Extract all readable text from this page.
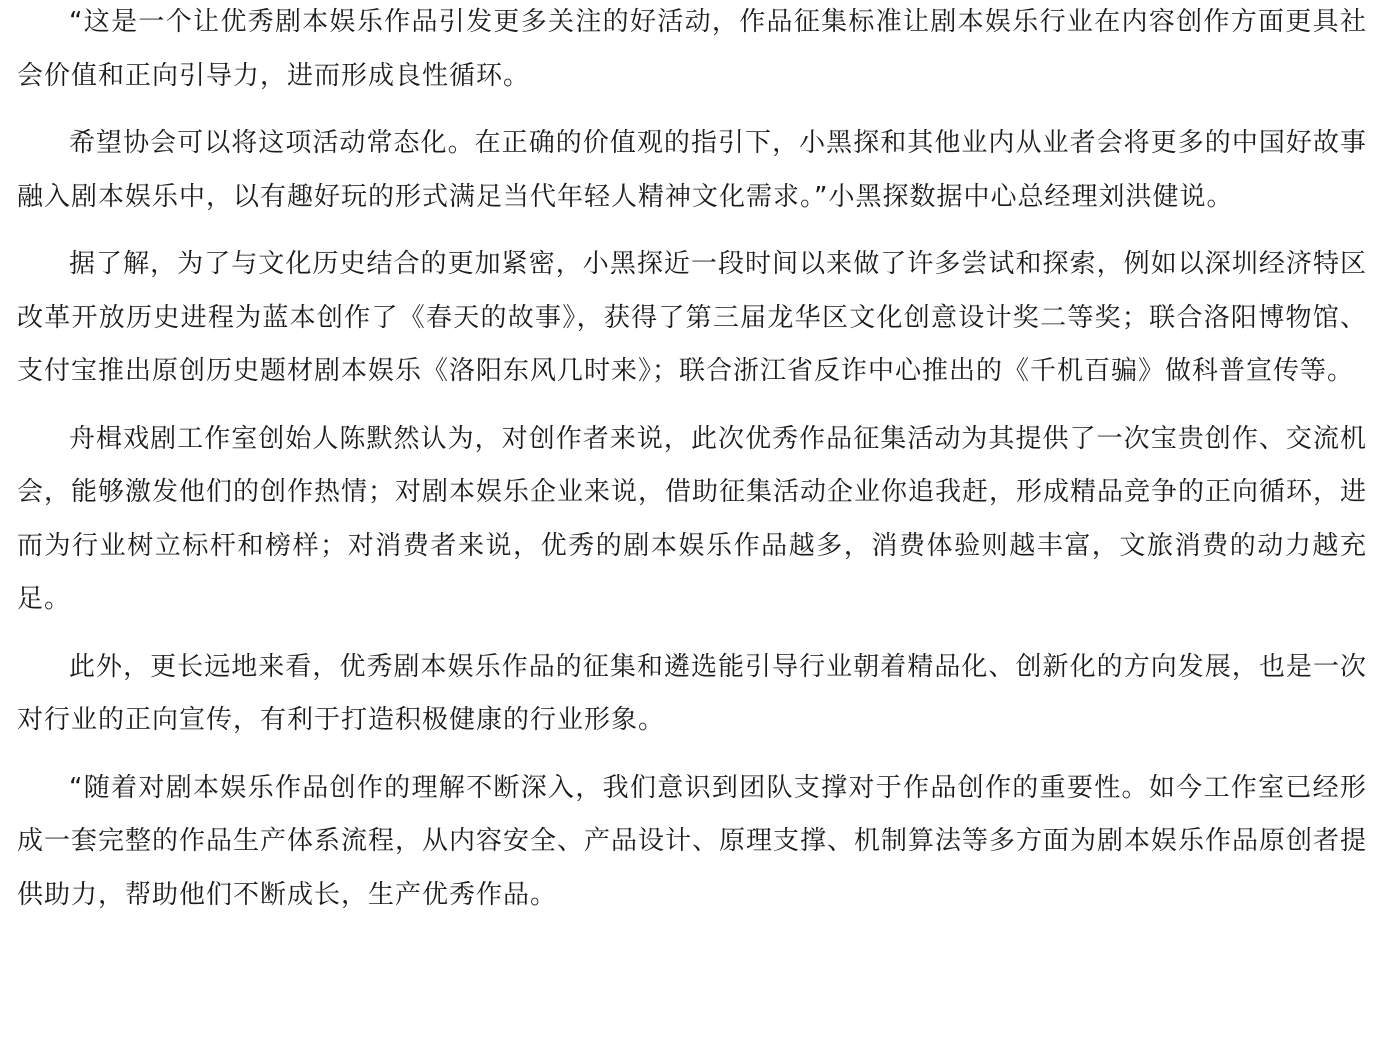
“这是一个让优秀剧本娱乐作品引发更多关注的好活动，作品征集标准让剧本娱乐行业在内容创作方面更具社会价值和正向引导力，进而形成良性循环。

希望协会可以将这项活动常态化。在正确的价值观的指引下，小黑探和其他业内从业者会将更多的中国好故事融入剧本娱乐中，以有趣好玩的形式满足当代年轻人精神文化需求。”小黑探数据中心总经理刘洪健说。

据了解，为了与文化历史结合的更加紧密，小黑探近一段时间以来做了许多尝试和探索，例如以深圳经济特区改革开放历史进程为蓝本创作了《春天的故事》，获得了第三届龙华区文化创意设计奖二等奖；联合洛阳博物馆、支付宝推出原创历史题材剧本娱乐《洛阳东风几时来》；联合浙江省反诈中心推出的《千机百骗》做科普宣传等。

舟楫戏剧工作室创始人陈默然认为，对创作者来说，此次优秀作品征集活动为其提供了一次宝贵创作、交流机会，能够激发他们的创作热情；对剧本娱乐企业来说，借助征集活动企业你追我赶，形成精品竞争的正向循环，进而为行业树立标杆和榜样；对消费者来说，优秀的剧本娱乐作品越多，消费体验则越丰富，文旅消费的动力越充足。

此外，更长远地来看，优秀剧本娱乐作品的征集和遴选能引导行业朝着精品化、创新化的方向发展，也是一次对行业的正向宣传，有利于打造积极健康的行业形象。

“随着对剧本娱乐作品创作的理解不断深入，我们意识到团队支撑对于作品创作的重要性。如今工作室已经形成一套完整的作品生产体系流程，从内容安全、产品设计、原理支撑、机制算法等多方面为剧本娱乐作品原创者提供助力，帮助他们不断成长，生产优秀作品。
